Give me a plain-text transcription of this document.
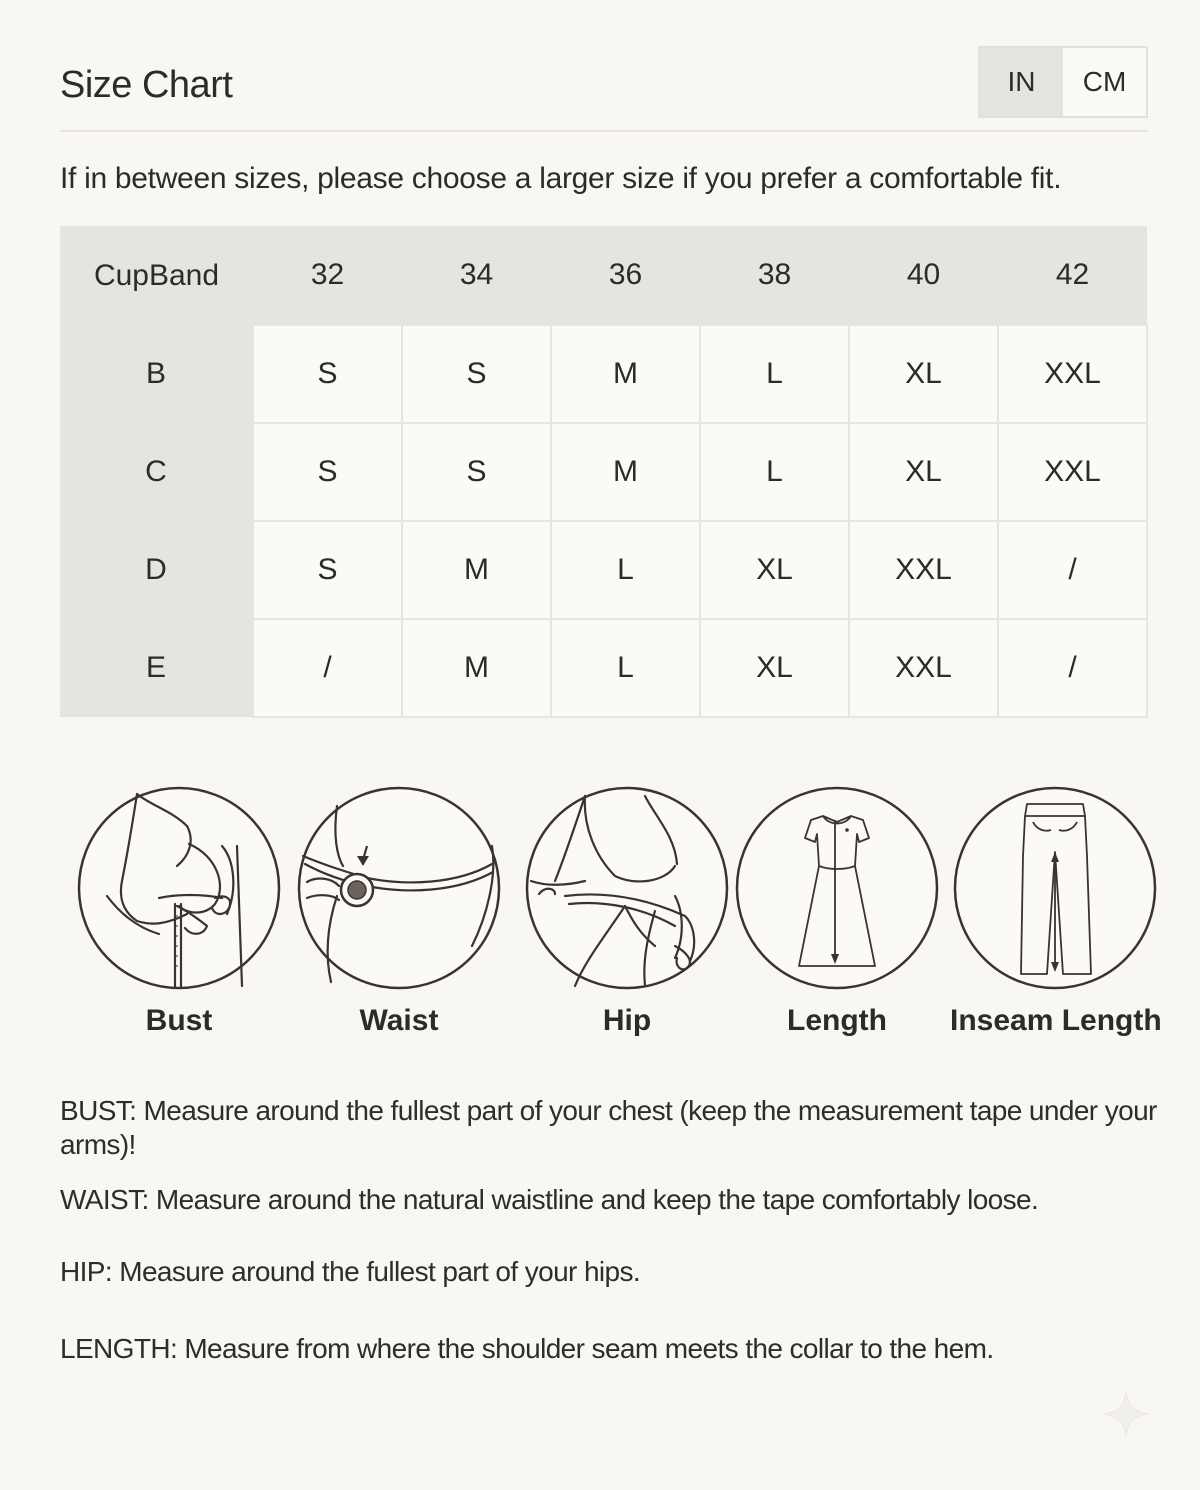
Size Chart	IN	CM
If in between sizes, please choose a larger size if you prefer a comfortable fit.
CupBand	32	34	36	38	40	42
B	S	S	M	L	XL	XXL
C	S	S	M	L	XL	XXL
D	S	M	L	XL	XXL	/
E	/	M	L	XL	XXL	/
Bust	Waist	Hip	Length	Inseam Length
BUST: Measure around the fullest part of your chest (keep the measurement tape under your arms)!
WAIST: Measure around the natural waistline and keep the tape comfortably loose.
HIP: Measure around the fullest part of your hips.
LENGTH: Measure from where the shoulder seam meets the collar to the hem.
